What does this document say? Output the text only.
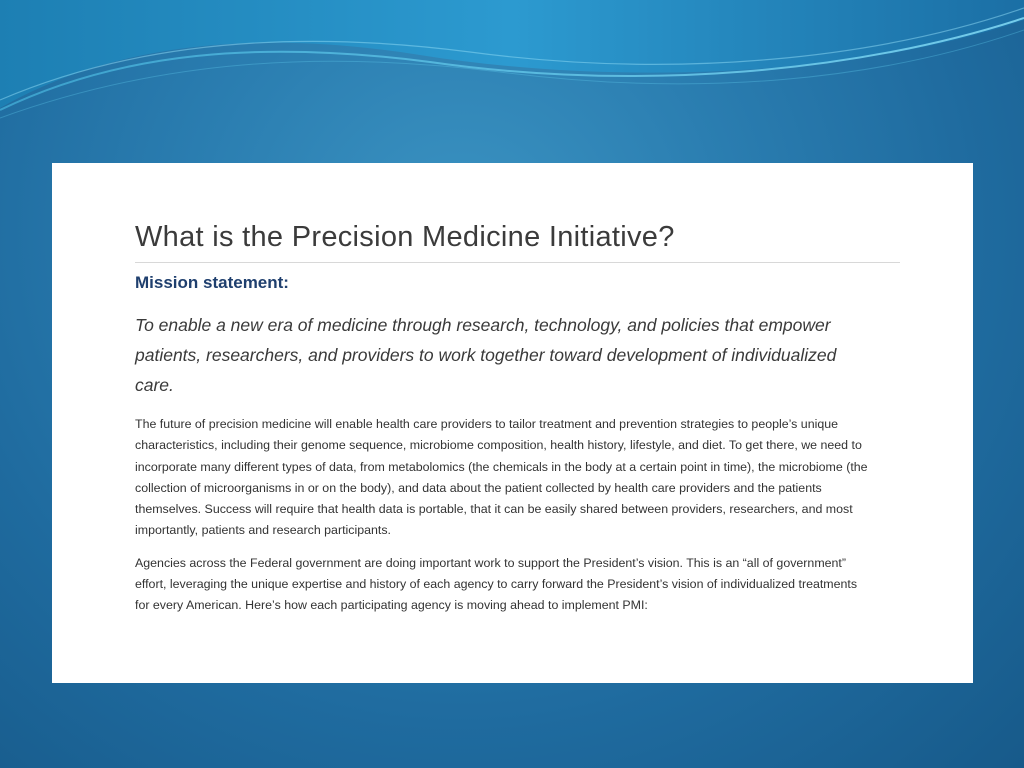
What is the Precision Medicine Initiative?
Mission statement:

To enable a new era of medicine through research, technology, and policies that empower patients, researchers, and providers to work together toward development of individualized care.

The future of precision medicine will enable health care providers to tailor treatment and prevention strategies to people’s unique characteristics, including their genome sequence, microbiome composition, health history, lifestyle, and diet. To get there, we need to incorporate many different types of data, from metabolomics (the chemicals in the body at a certain point in time), the microbiome (the collection of microorganisms in or on the body), and data about the patient collected by health care providers and the patients themselves. Success will require that health data is portable, that it can be easily shared between providers, researchers, and most importantly, patients and research participants.

Agencies across the Federal government are doing important work to support the President’s vision. This is an “all of government” effort, leveraging the unique expertise and history of each agency to carry forward the President’s vision of individualized treatments for every American. Here’s how each participating agency is moving ahead to implement PMI:
